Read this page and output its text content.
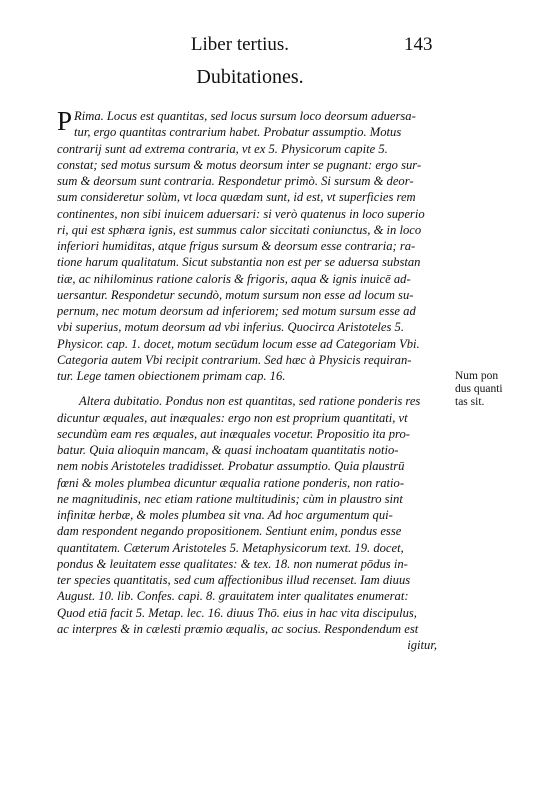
Liber tertius.	143
Dubitationes.
P Rima. Locus est quantitas, sed locus sursum loco deorsum aduersa-
tur, ergo quantitas contrarium habet. Probatur assumptio. Motus
contrarij sunt ad extrema contraria, vt ex 5. Physicorum capite 5.
constat; sed motus sursum & motus deorsum inter se pugnant: ergo sur-
sum & deorsum sunt contraria. Respondetur primò. Si sursum & deor-
sum consideretur solùm, vt loca quædam sunt, id est, vt superficies rem
continentes, non sibi inuicem aduersari: si verò quatenus in loco superio
ri, qui est sphæra ignis, est summus calor siccitati coniunctus, & in loco
inferiori humiditas, atque frigus sursum & deorsum esse contraria; ra-
tione harum qualitatum. Sicut substantia non est per se aduersa substan
tiæ, ac nihilominus ratione caloris & frigoris, aqua & ignis inuicē ad-
uersantur. Respondetur secundò, motum sursum non esse ad locum su-
pernum, nec motum deorsum ad inferiorem; sed motum sursum esse ad
vbi superius, motum deorsum ad vbi inferius. Quocirca Aristoteles 5.
Physicor. cap. 1. docet, motum secūdum locum esse ad Categoriam Vbi.
Categoria autem Vbi recipit contrarium. Sed hæc à Physicis requiran-
tur. Lege tamen obiectionem primam cap. 16.
Altera dubitatio. Pondus non est quantitas, sed ratione ponderis res
dicuntur æquales, aut inæquales: ergo non est proprium quantitati, vt
secundùm eam res æquales, aut inæquales vocetur. Propositio ita pro-
batur. Quia alioquin mancam, & quasi inchoatam quantitatis notio-
nem nobis Aristoteles tradidisset. Probatur assumptio. Quia plaustrū
fœni & moles plumbea dicuntur æqualia ratione ponderis, non ratio-
ne magnitudinis, nec etiam ratione multitudinis; cùm in plaustro sint
infinitæ herbæ, & moles plumbea sit vna. Ad hoc argumentum qui-
dam respondent negando propositionem. Sentiunt enim, pondus esse
quantitatem. Cæterum Aristoteles 5. Metaphysicorum text. 19. docet,
pondus & leuitatem esse qualitates: & tex. 18. non numerat pōdus in-
ter species quantitatis, sed cum affectionibus illud recenset. Iam diuus
August. 10. lib. Confes. capi. 8. grauitatem inter qualitates enumerat:
Quod etiā facit 5. Metap. lec. 16. diuus Thō. eius in hac vita discipulus,
ac interpres & in cælesti præmio æqualis, ac socius. Respondendum est
igitur,
Num pon
dus quanti
tas sit.
